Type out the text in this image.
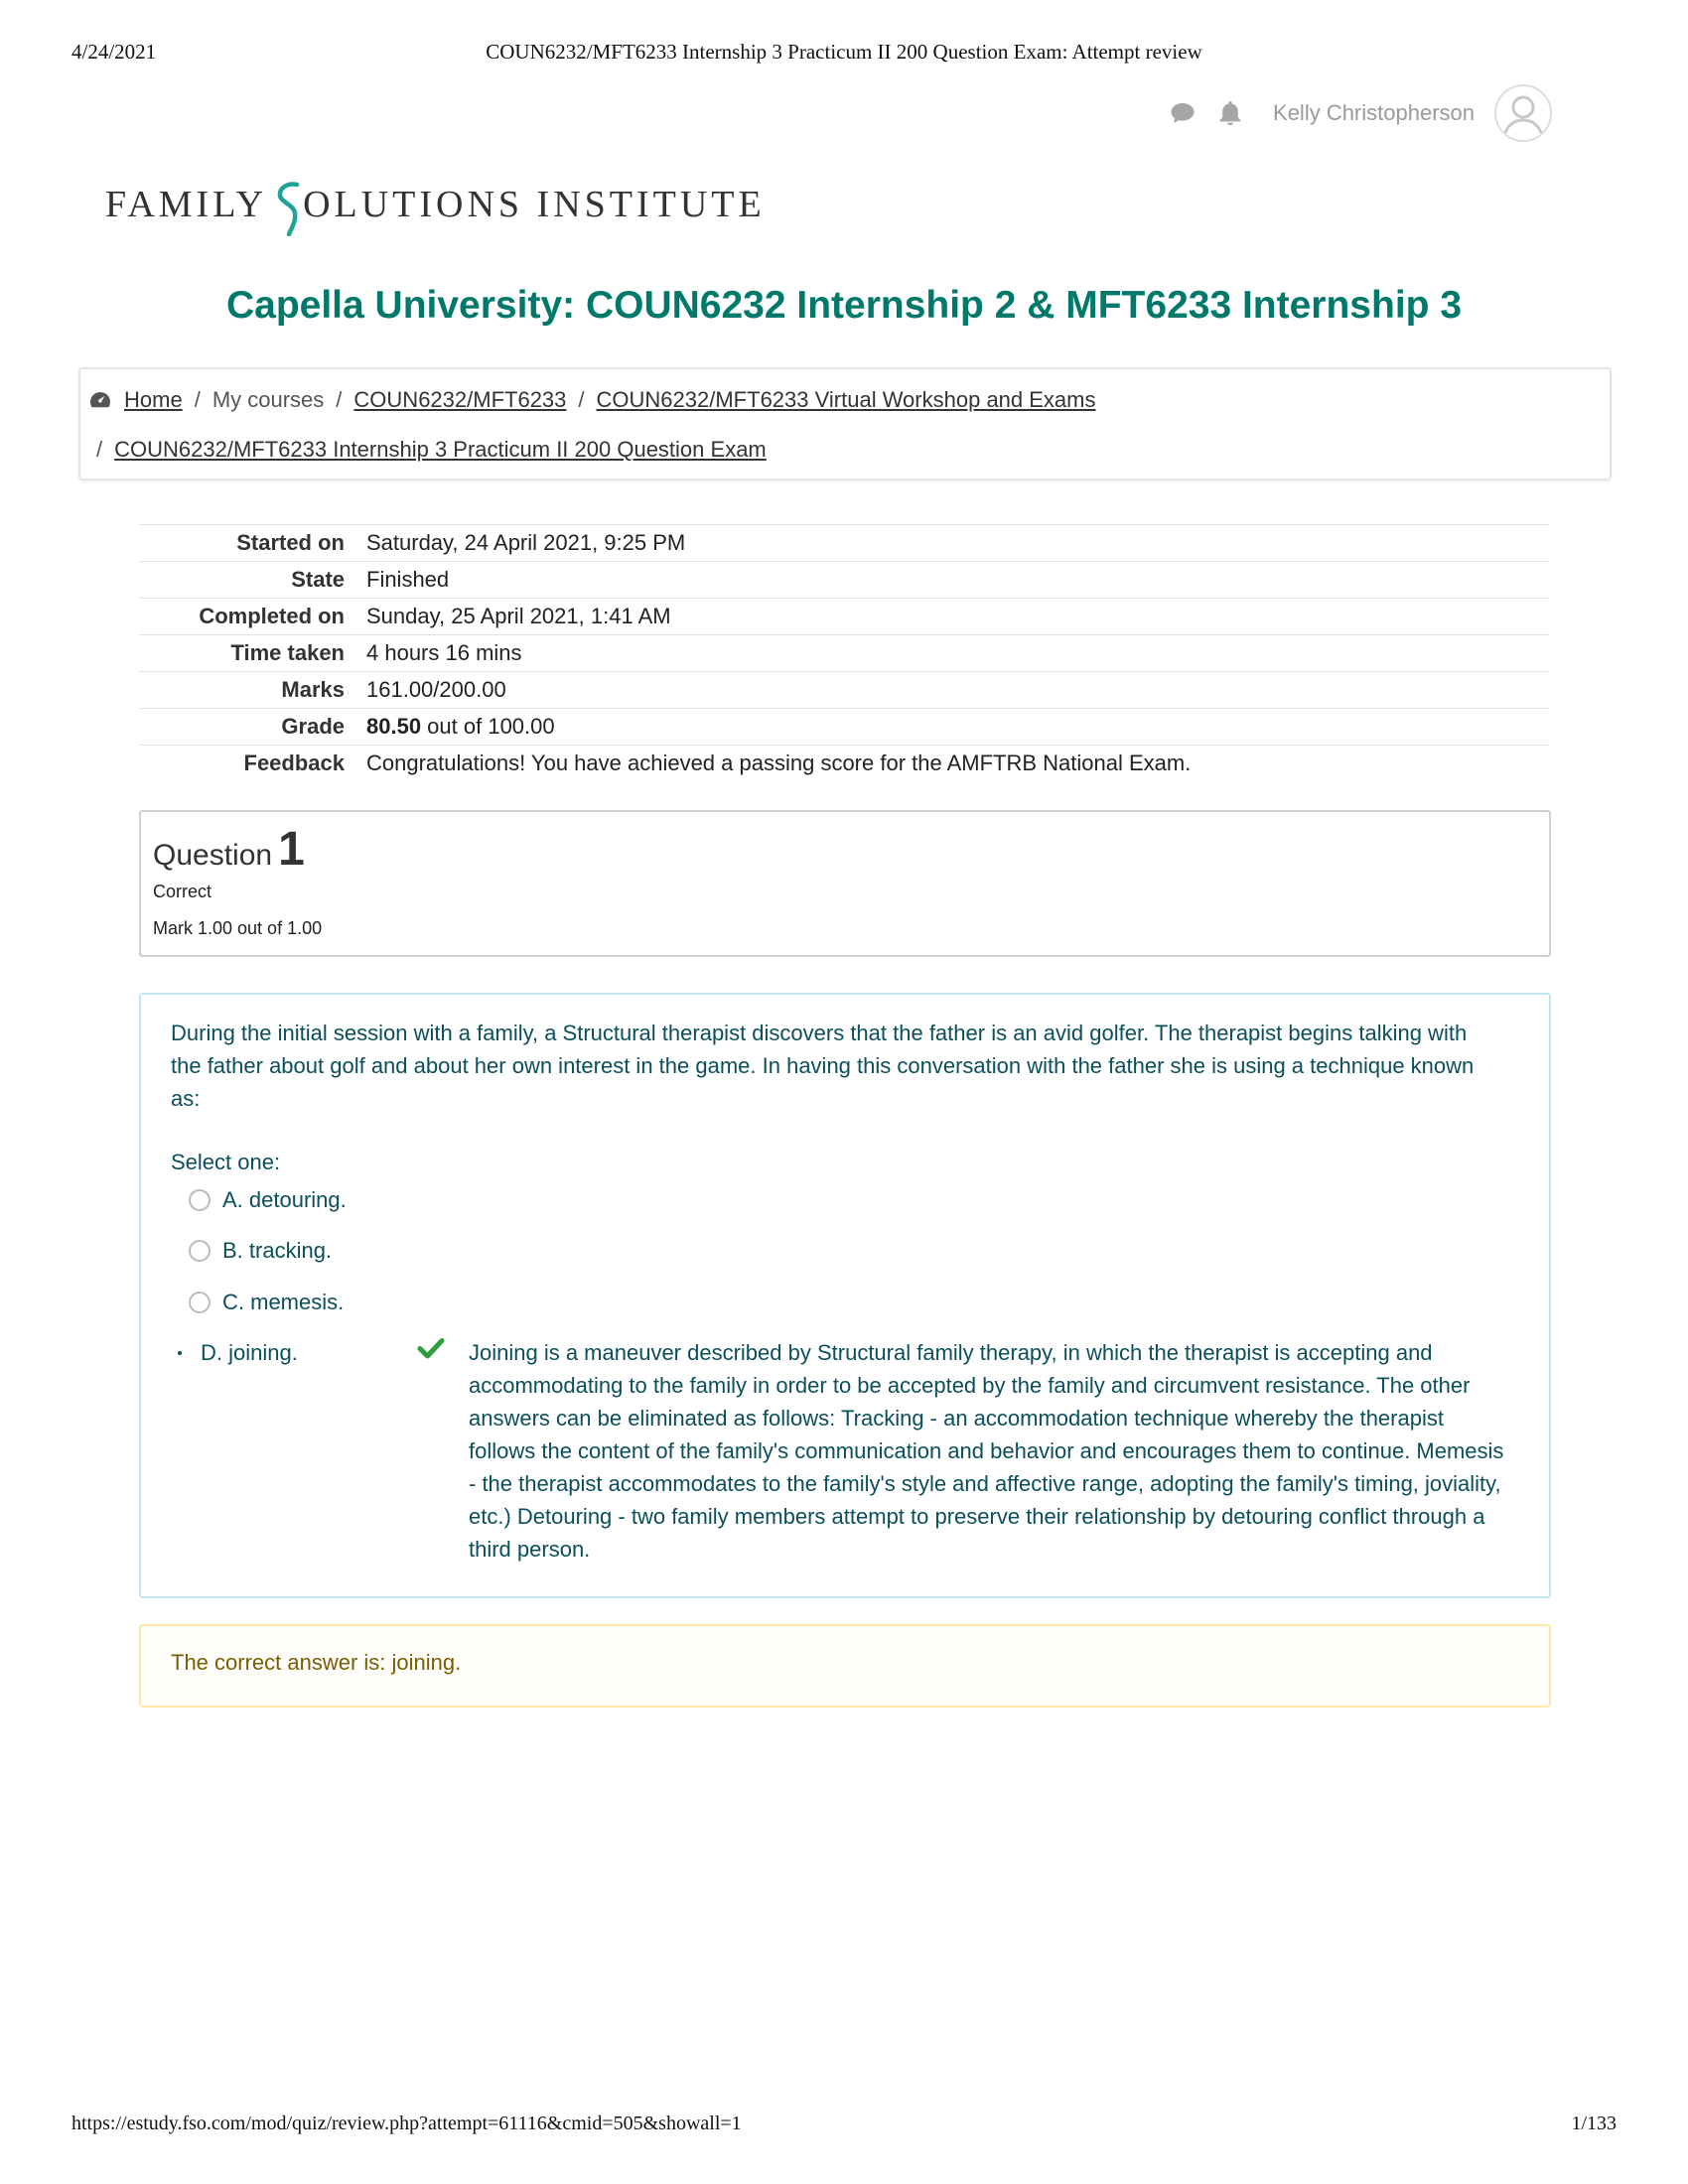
4/24/2021	COUN6232/MFT6233 Internship 3 Practicum II 200 Question Exam: Attempt review
Kelly Christopherson
FAMILY OLUTIONS INSTITUTE
Capella University: COUN6232 Internship 2 & MFT6233 Internship 3
Home / My courses / COUN6232/MFT6233 / COUN6232/MFT6233 Virtual Workshop and Exams
/ COUN6232/MFT6233 Internship 3 Practicum II 200 Question Exam
Started on	Saturday, 24 April 2021, 9:25 PM
State	Finished
Completed on	Sunday, 25 April 2021, 1:41 AM
Time taken	4 hours 16 mins
Marks	161.00/200.00
Grade	80.50 out of 100.00
Feedback	Congratulations! You have achieved a passing score for the AMFTRB National Exam.
Question 1
Correct
Mark 1.00 out of 1.00
During the initial session with a family, a Structural therapist discovers that the father is an avid golfer. The therapist begins talking with the father about golf and about her own interest in the game. In having this conversation with the father she is using a technique known as:
Select one:
A. detouring.
B. tracking.
C. memesis.
D. joining.	Joining is a maneuver described by Structural family therapy, in which the therapist is accepting and accommodating to the family in order to be accepted by the family and circumvent resistance. The other answers can be eliminated as follows: Tracking - an accommodation technique whereby the therapist follows the content of the family's communication and behavior and encourages them to continue. Memesis - the therapist accommodates to the family's style and affective range, adopting the family's timing, joviality, etc.) Detouring - two family members attempt to preserve their relationship by detouring conflict through a third person.
The correct answer is: joining.
https://estudy.fso.com/mod/quiz/review.php?attempt=61116&cmid=505&showall=1	1/133
